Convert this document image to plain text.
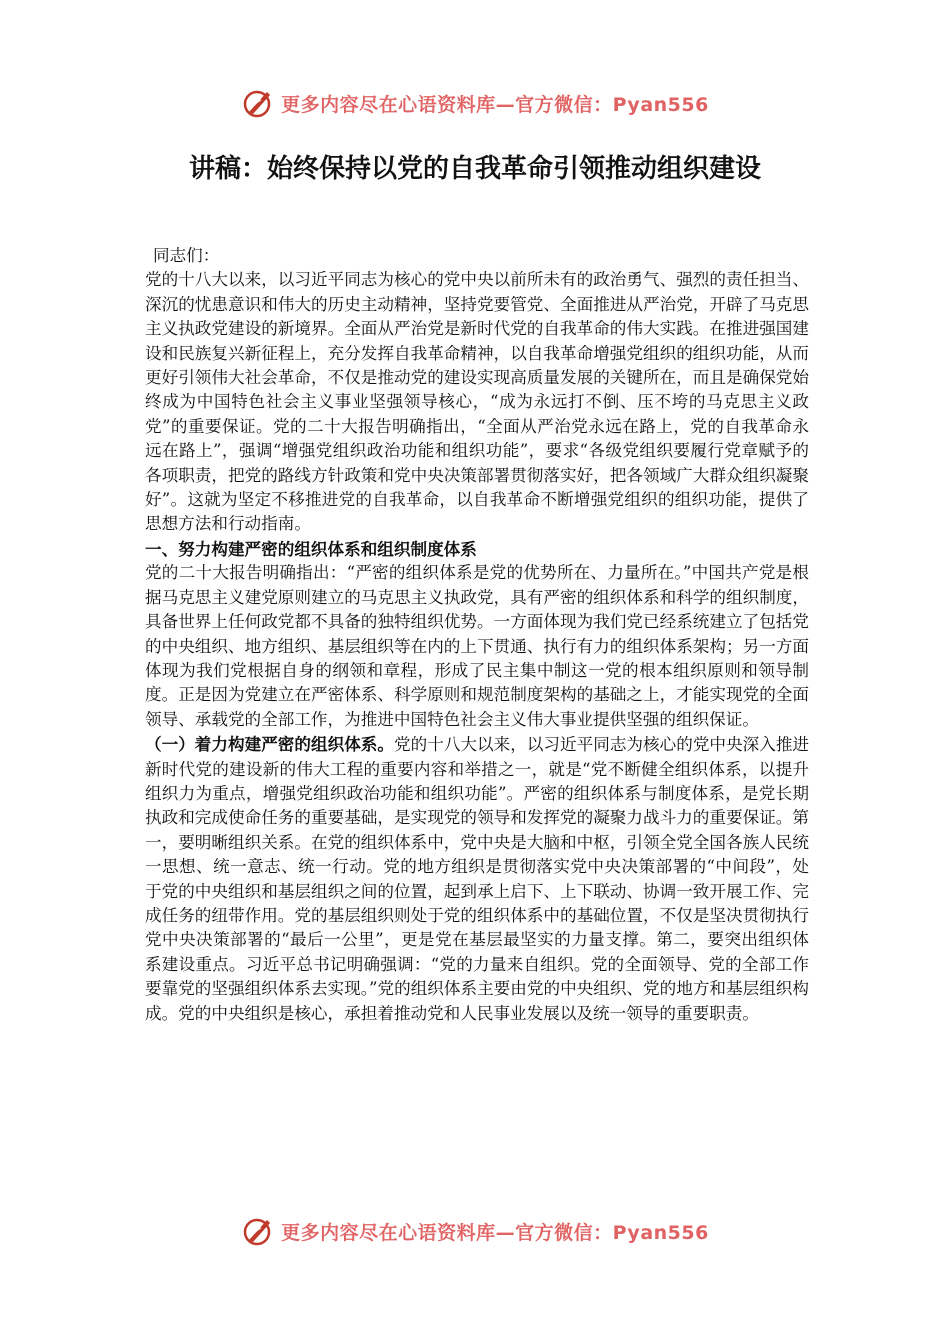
更多内容尽在心语资料库—官方微信：Pyan556
讲稿：始终保持以党的自我革命引领推动组织建设

同志们：

党的十八大以来，以习近平同志为核心的党中央以前所未有的政治勇气、强烈的责任担当、深沉的忧患意识和伟大的历史主动精神，坚持党要管党、全面推进从严治党，开辟了马克思主义执政党建设的新境界。全面从严治党是新时代党的自我革命的伟大实践。在推进强国建设和民族复兴新征程上，充分发挥自我革命精神，以自我革命增强党组织的组织功能，从而更好引领伟大社会革命，不仅是推动党的建设实现高质量发展的关键所在，而且是确保党始终成为中国特色社会主义事业坚强领导核心，“成为永远打不倒、压不垮的马克思主义政党”的重要保证。党的二十大报告明确指出，“全面从严治党永远在路上，党的自我革命永远在路上”，强调“增强党组织政治功能和组织功能”，要求“各级党组织要履行党章赋予的各项职责，把党的路线方针政策和党中央决策部署贯彻落实好，把各领域广大群众组织凝聚好”。这就为坚定不移推进党的自我革命，以自我革命不断增强党组织的组织功能，提供了思想方法和行动指南。

一、努力构建严密的组织体系和组织制度体系

党的二十大报告明确指出：“严密的组织体系是党的优势所在、力量所在。”中国共产党是根据马克思主义建党原则建立的马克思主义执政党，具有严密的组织体系和科学的组织制度，具备世界上任何政党都不具备的独特组织优势。一方面体现为我们党已经系统建立了包括党的中央组织、地方组织、基层组织等在内的上下贯通、执行有力的组织体系架构；另一方面体现为我们党根据自身的纲领和章程，形成了民主集中制这一党的根本组织原则和领导制度。正是因为党建立在严密体系、科学原则和规范制度架构的基础之上，才能实现党的全面领导、承载党的全部工作，为推进中国特色社会主义伟大事业提供坚强的组织保证。

（一）着力构建严密的组织体系。党的十八大以来，以习近平同志为核心的党中央深入推进新时代党的建设新的伟大工程的重要内容和举措之一，就是“党不断健全组织体系，以提升组织力为重点，增强党组织政治功能和组织功能”。严密的组织体系与制度体系，是党长期执政和完成使命任务的重要基础，是实现党的领导和发挥党的凝聚力战斗力的重要保证。第一，要明晰组织关系。在党的组织体系中，党中央是大脑和中枢，引领全党全国各族人民统一思想、统一意志、统一行动。党的地方组织是贯彻落实党中央决策部署的“中间段”，处于党的中央组织和基层组织之间的位置，起到承上启下、上下联动、协调一致开展工作、完成任务的纽带作用。党的基层组织则处于党的组织体系中的基础位置，不仅是坚决贯彻执行党中央决策部署的“最后一公里”，更是党在基层最坚实的力量支撑。第二，要突出组织体系建设重点。习近平总书记明确强调：“党的力量来自组织。党的全面领导、党的全部工作要靠党的坚强组织体系去实现。”党的组织体系主要由党的中央组织、党的地方和基层组织构成。党的中央组织是核心，承担着推动党和人民事业发展以及统一领导的重要职责。

更多内容尽在心语资料库—官方微信：Pyan556
